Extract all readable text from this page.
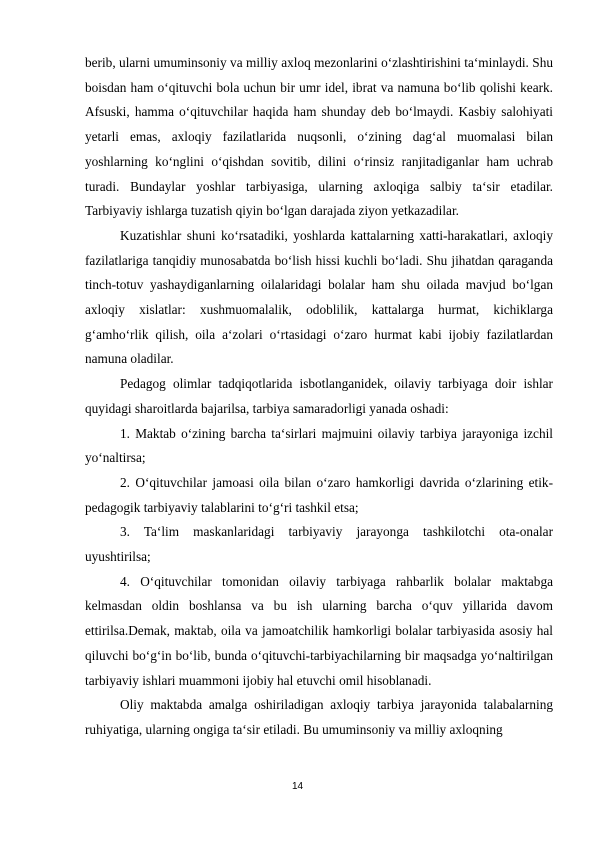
berib, ularni umuminsoniy va milliy axloq mezonlarini oʻzlashtirishini taʻminlaydi. Shu boisdan ham oʻqituvchi bola uchun bir umr idel, ibrat va namuna boʻlib qolishi keark. Afsuski, hamma oʻqituvchilar haqida ham shunday deb boʻlmaydi. Kasbiy salohiyati yetarli emas, axloqiy fazilatlarida nuqsonli, oʻzining dagʻal muomalasi bilan yoshlarning koʻnglini oʻqishdan sovitib, dilini oʻrinsiz ranjitadiganlar ham uchrab turadi. Bundaylar yoshlar tarbiyasiga, ularning axloqiga salbiy taʻsir etadilar. Tarbiyaviy ishlarga tuzatish qiyin boʻlgan darajada ziyon yetkazadilar.

Kuzatishlar shuni koʻrsatadiki, yoshlarda kattalarning xatti-harakatlari, axloqiy fazilatlariga tanqidiy munosabatda boʻlish hissi kuchli boʻladi. Shu jihatdan qaraganda tinch-totuv yashaydiganlarning oilalaridagi bolalar ham shu oilada mavjud boʻlgan axloqiy xislatlar: xushmuomalalik, odoblilik, kattalarga hurmat, kichiklarga gʻamhoʻrlik qilish, oila aʻzolari oʻrtasidagi oʻzaro hurmat kabi ijobiy fazilatlardan namuna oladilar.

Pedagog olimlar tadqiqotlarida isbotlanganidek, oilaviy tarbiyaga doir ishlar quyidagi sharoitlarda bajarilsa, tarbiya samaradorligi yanada oshadi:

1. Maktab oʻzining barcha taʻsirlari majmuini oilaviy tarbiya jarayoniga izchil yoʻnaltirsa;

2. Oʻqituvchilar jamoasi oila bilan oʻzaro hamkorligi davrida oʻzlarining etik-pedagogik tarbiyaviy talablarini toʻgʻri tashkil etsa;

3. Taʻlim maskanlaridagi tarbiyaviy jarayonga tashkilotchi ota-onalar uyushtirilsa;

4. Oʻqituvchilar tomonidan oilaviy tarbiyaga rahbarlik bolalar maktabga kelmasdan oldin boshlansa va bu ish ularning barcha oʻquv yillarida davom ettirilsa.Demak, maktab, oila va jamoatchilik hamkorligi bolalar tarbiyasida asosiy hal qiluvchi boʻgʻin boʻlib, bunda oʻqituvchi-tarbiyachilarning bir maqsadga yoʻnaltirilgan tarbiyaviy ishlari muammoni ijobiy hal etuvchi omil hisoblanadi.

Oliy maktabda amalga oshiriladigan axloqiy tarbiya jarayonida talabalarning ruhiyatiga, ularning ongiga taʻsir etiladi. Bu umuminsoniy va milliy axloqning

14
